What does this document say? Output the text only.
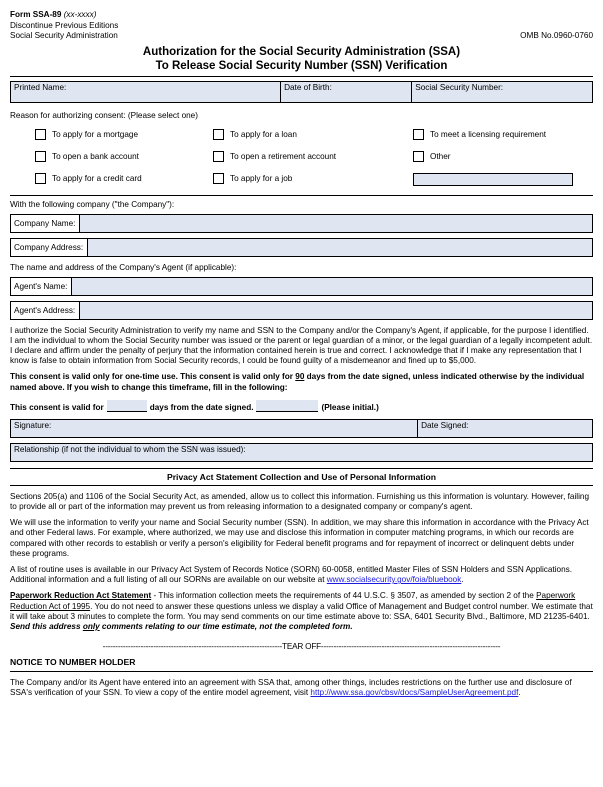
Form SSA-89 (xx-xxxx)
Discontinue Previous Editions
Social Security Administration	OMB No.0960-0760
Authorization for the Social Security Administration (SSA)
To Release Social Security Number (SSN) Verification
Printed Name:	Date of Birth:	Social Security Number:
Reason for authorizing consent: (Please select one)
To apply for a mortgage	To apply for a loan	To meet a licensing requirement
To open a bank account	To open a retirement account	Other
To apply for a credit card	To apply for a job
With the following company ("the Company"):
Company Name:
Company Address:
The name and address of the Company's Agent (if applicable):
Agent's Name:
Agent's Address:
I authorize the Social Security Administration to verify my name and SSN to the Company and/or the Company's Agent, if applicable, for the purpose I identified. I am the individual to whom the Social Security number was issued or the parent or legal guardian of a minor, or the legal guardian of a legally incompetent adult. I declare and affirm under the penalty of perjury that the information contained herein is true and correct. I acknowledge that if I make any representation that I know is false to obtain information from Social Security records, I could be found guilty of a misdemeanor and fined up to $5,000.
This consent is valid only for one-time use. This consent is valid only for 90 days from the date signed, unless indicated otherwise by the individual named above. If you wish to change this timeframe, fill in the following:
This consent is valid for	days from the date signed.	(Please initial.)
Signature:	Date Signed:
Relationship (if not the individual to whom the SSN was issued):
Privacy Act Statement Collection and Use of Personal Information
Sections 205(a) and 1106 of the Social Security Act, as amended, allow us to collect this information. Furnishing us this information is voluntary. However, failing to provide all or part of the information may prevent us from releasing information to a designated company or company's agent.
We will use the information to verify your name and Social Security number (SSN). In addition, we may share this information in accordance with the Privacy Act and other Federal laws. For example, where authorized, we may use and disclose this information in computer matching programs, in which our records are compared with other records to establish or verify a person's eligibility for Federal benefit programs and for repayment of incorrect or delinquent debts under these programs.
A list of routine uses is available in our Privacy Act System of Records Notice (SORN) 60-0058, entitled Master Files of SSN Holders and SSN Applications. Additional information and a full listing of all our SORNs are available on our website at www.socialsecurity.gov/foia/bluebook.
Paperwork Reduction Act Statement - This information collection meets the requirements of 44 U.S.C. § 3507, as amended by section 2 of the Paperwork Reduction Act of 1995. You do not need to answer these questions unless we display a valid Office of Management and Budget control number. We estimate that it will take about 3 minutes to complete the form. You may send comments on our time estimate above to: SSA, 6401 Security Blvd., Baltimore, MD 21235-6401. Send this address only comments relating to our time estimate, not the completed form.
-----------------------------------------------------------------------TEAR OFF-----------------------------------------------------------------------
NOTICE TO NUMBER HOLDER
The Company and/or its Agent have entered into an agreement with SSA that, among other things, includes restrictions on the further use and disclosure of SSA's verification of your SSN. To view a copy of the entire model agreement, visit http://www.ssa.gov/cbsv/docs/SampleUserAgreement.pdf.
